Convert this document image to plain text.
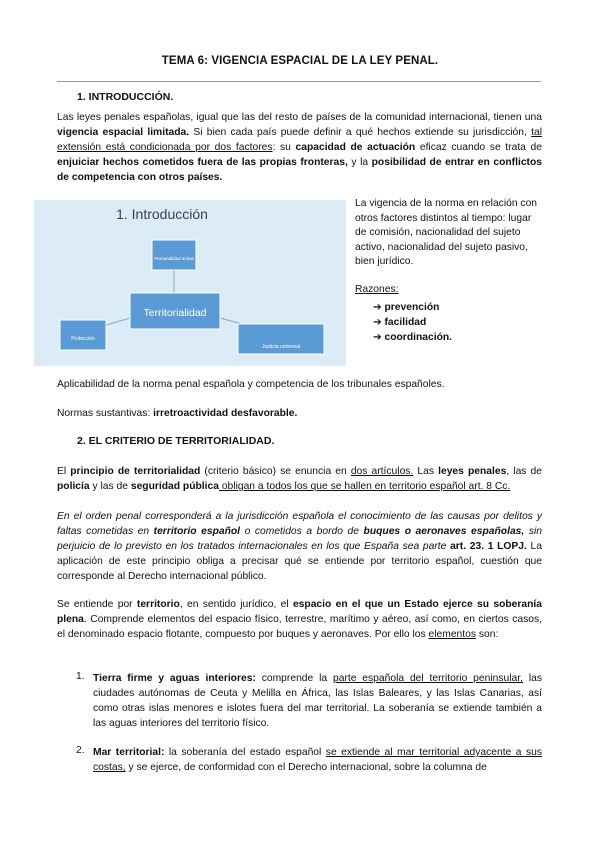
TEMA 6: VIGENCIA ESPACIAL DE LA LEY PENAL.
1. INTRODUCCIÓN.
Las leyes penales españolas, igual que las del resto de países de la comunidad internacional, tienen una vigencia espacial limitada. Si bien cada país puede definir a qué hechos extiende su jurisdicción, tal extensión está condicionada por dos factores: su capacidad de actuación eficaz cuando se trata de enjuiciar hechos cometidos fuera de las propias fronteras, y la posibilidad de entrar en conflictos de competencia con otros países.
1. Introducción
Territorialidad
Personalidad activa
Protección
Justicia universal
La vigencia de la norma en relación con otros factores distintos al tiempo: lugar de comisión, nacionalidad del sujeto activo, nacionalidad del sujeto pasivo, bien jurídico.
Razones:
➔ prevención
➔ facilidad
➔ coordinación.
Aplicabilidad de la norma penal española y competencia de los tribunales españoles.
Normas sustantivas: irretroactividad desfavorable.
2. EL CRITERIO DE TERRITORIALIDAD.
El principio de territorialidad (criterio básico) se enuncia en dos artículos. Las leyes penales, las de policía y las de seguridad pública obligan a todos los que se hallen en territorio español art. 8 Cc.
En el orden penal corresponderá a la jurisdicción española el conocimiento de las causas por delitos y faltas cometidas en territorio español o cometidos a bordo de buques o aeronaves españolas, sin perjuicio de lo previsto en los tratados internacionales en los que España sea parte art. 23. 1 LOPJ. La aplicación de este principio obliga a precisar qué se entiende por territorio español, cuestión que corresponde al Derecho internacional público.
Se entiende por territorio, en sentido jurídico, el espacio en el que un Estado ejerce su soberanía plena. Comprende elementos del espacio físico, terrestre, marítimo y aéreo, así como, en ciertos casos, el denominado espacio flotante, compuesto por buques y aeronaves. Por ello los elementos son:
1. Tierra firme y aguas interiores: comprende la parte española del territorio peninsular, las ciudades autónomas de Ceuta y Melilla en África, las Islas Baleares, y las Islas Canarias, así como otras islas menores e islotes fuera del mar territorial. La soberanía se extiende también a las aguas interiores del territorio físico.
2. Mar territorial: la soberanía del estado español se extiende al mar territorial adyacente a sus costas, y se ejerce, de conformidad con el Derecho internacional, sobre la columna de
